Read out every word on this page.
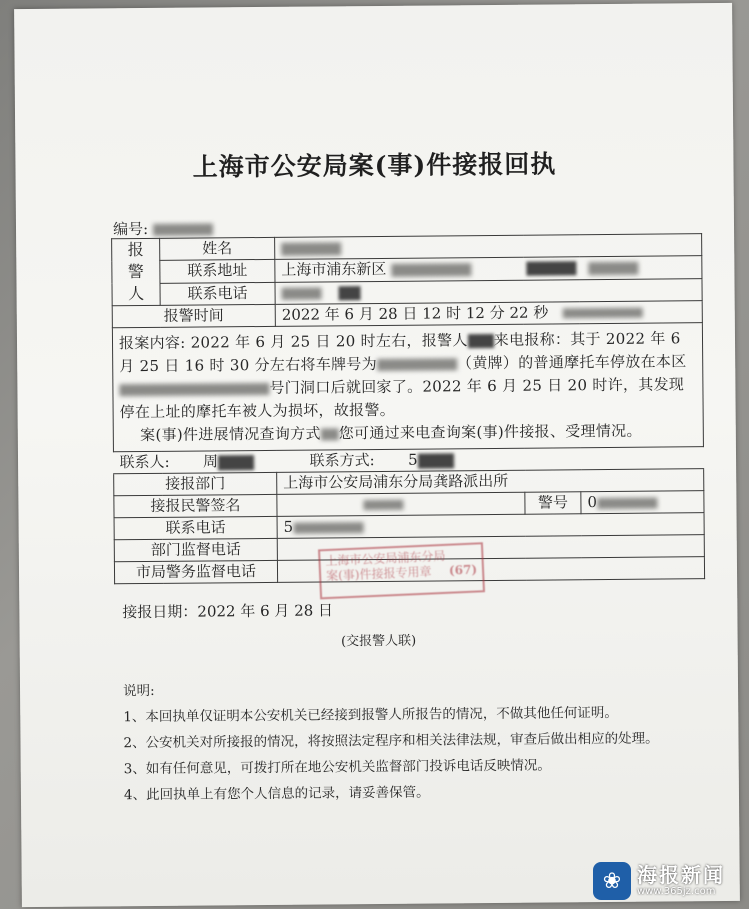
上海市公安局案(事)件接报回执
编号:
报
警
人	姓名			
	联系地址	上海市浦东新区		
	联系电话			
报警时间		2022 年 6 月 28 日 12 时 12 分 22 秒		
报案内容: 2022 年 6 月 25 日 20 时左右，报警人 来电报称：其于 2022 年 6 月 25 日 16 时 30 分左右将车牌号为 （黄牌）的普通摩托车停放在本区号门洞口后就回家了。2022 年 6 月 25 日 20 时许，其发现停在上址的摩托车被人为损坏，故报警。
案(事)件进展情况查询方式 您可通过来电查询案(事)件接报、受理情况。				
联系人: 周 联系方式: 5				
接报部门		上海市公安局浦东分局龚路派出所		
接报民警签名			警号	0
联系电话		5		
部门监督电话				
市局警务监督电话				
上海市公安局浦东分局
案(事)件接报专用章 (67)
接报日期：2022 年 6 月 28 日
(交报警人联)

说明:

1、本回执单仅证明本公安机关已经接到报警人所报告的情况，不做其他任何证明。

2、公安机关对所接报的情况，将按照法定程序和相关法律法规，审查后做出相应的处理。

3、如有任何意见，可拨打所在地公安机关监督部门投诉电话反映情况。

4、此回执单上有您个人信息的记录，请妥善保管。

❀ 海报新闻
www.365jz.com
